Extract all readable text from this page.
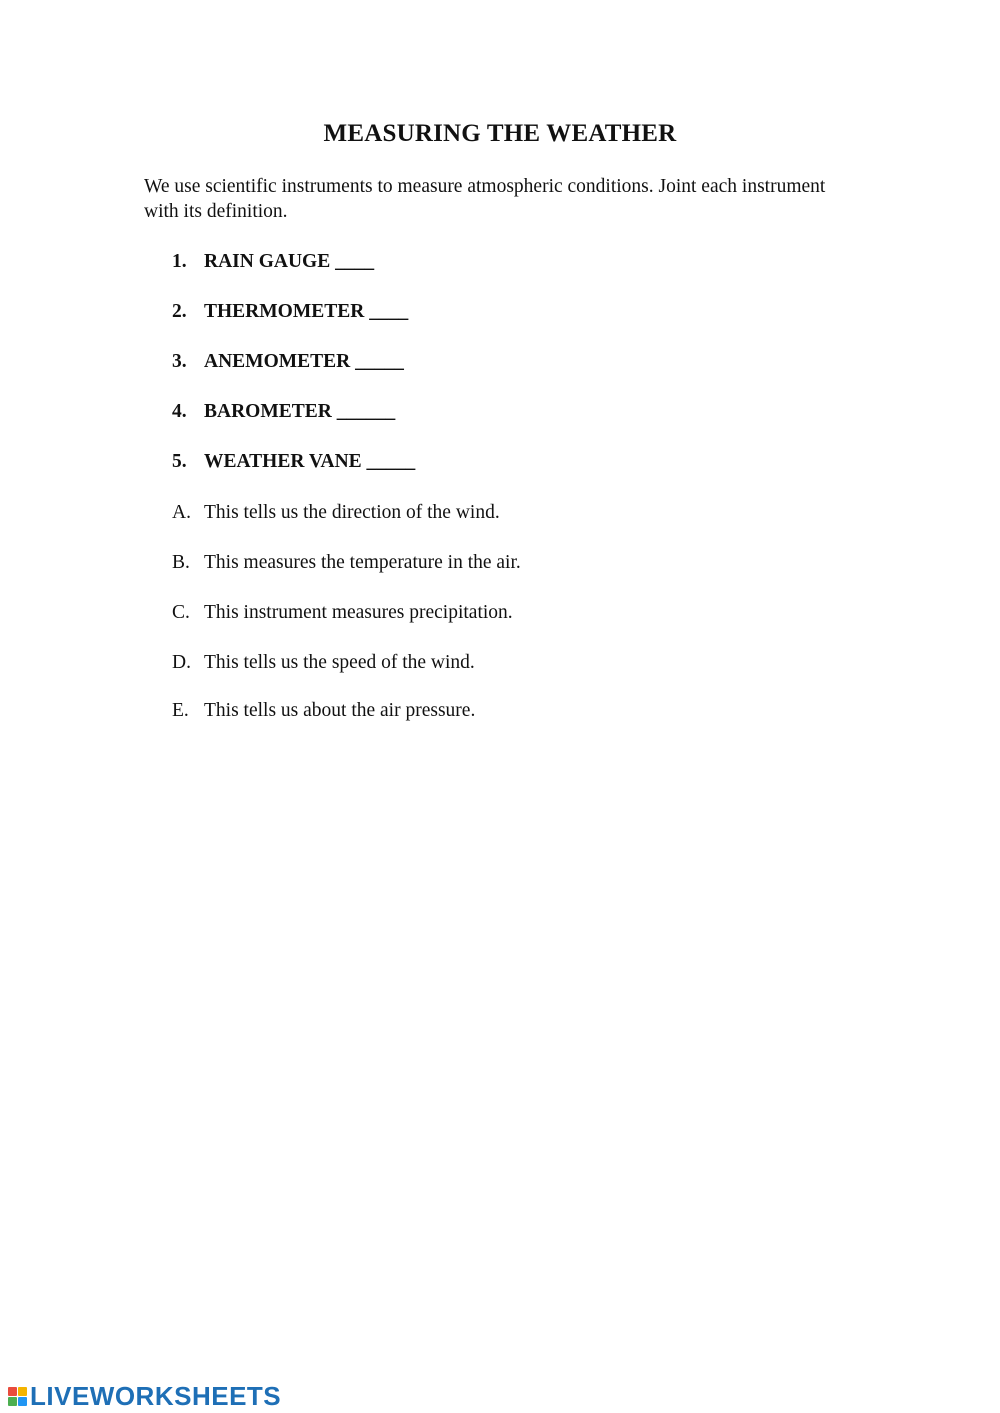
MEASURING THE WEATHER

We use scientific instruments to measure atmospheric conditions. Joint each instrument with its definition.

1. RAIN GAUGE ____
2. THERMOMETER ____
3. ANEMOMETER _____
4. BAROMETER ______
5. WEATHER VANE _____
A. This tells us the direction of the wind.
B. This measures the temperature in the air.
C. This instrument measures precipitation.
D. This tells us the speed of the wind.
E. This tells us about the air pressure.
LIVEWORKSHEETS
